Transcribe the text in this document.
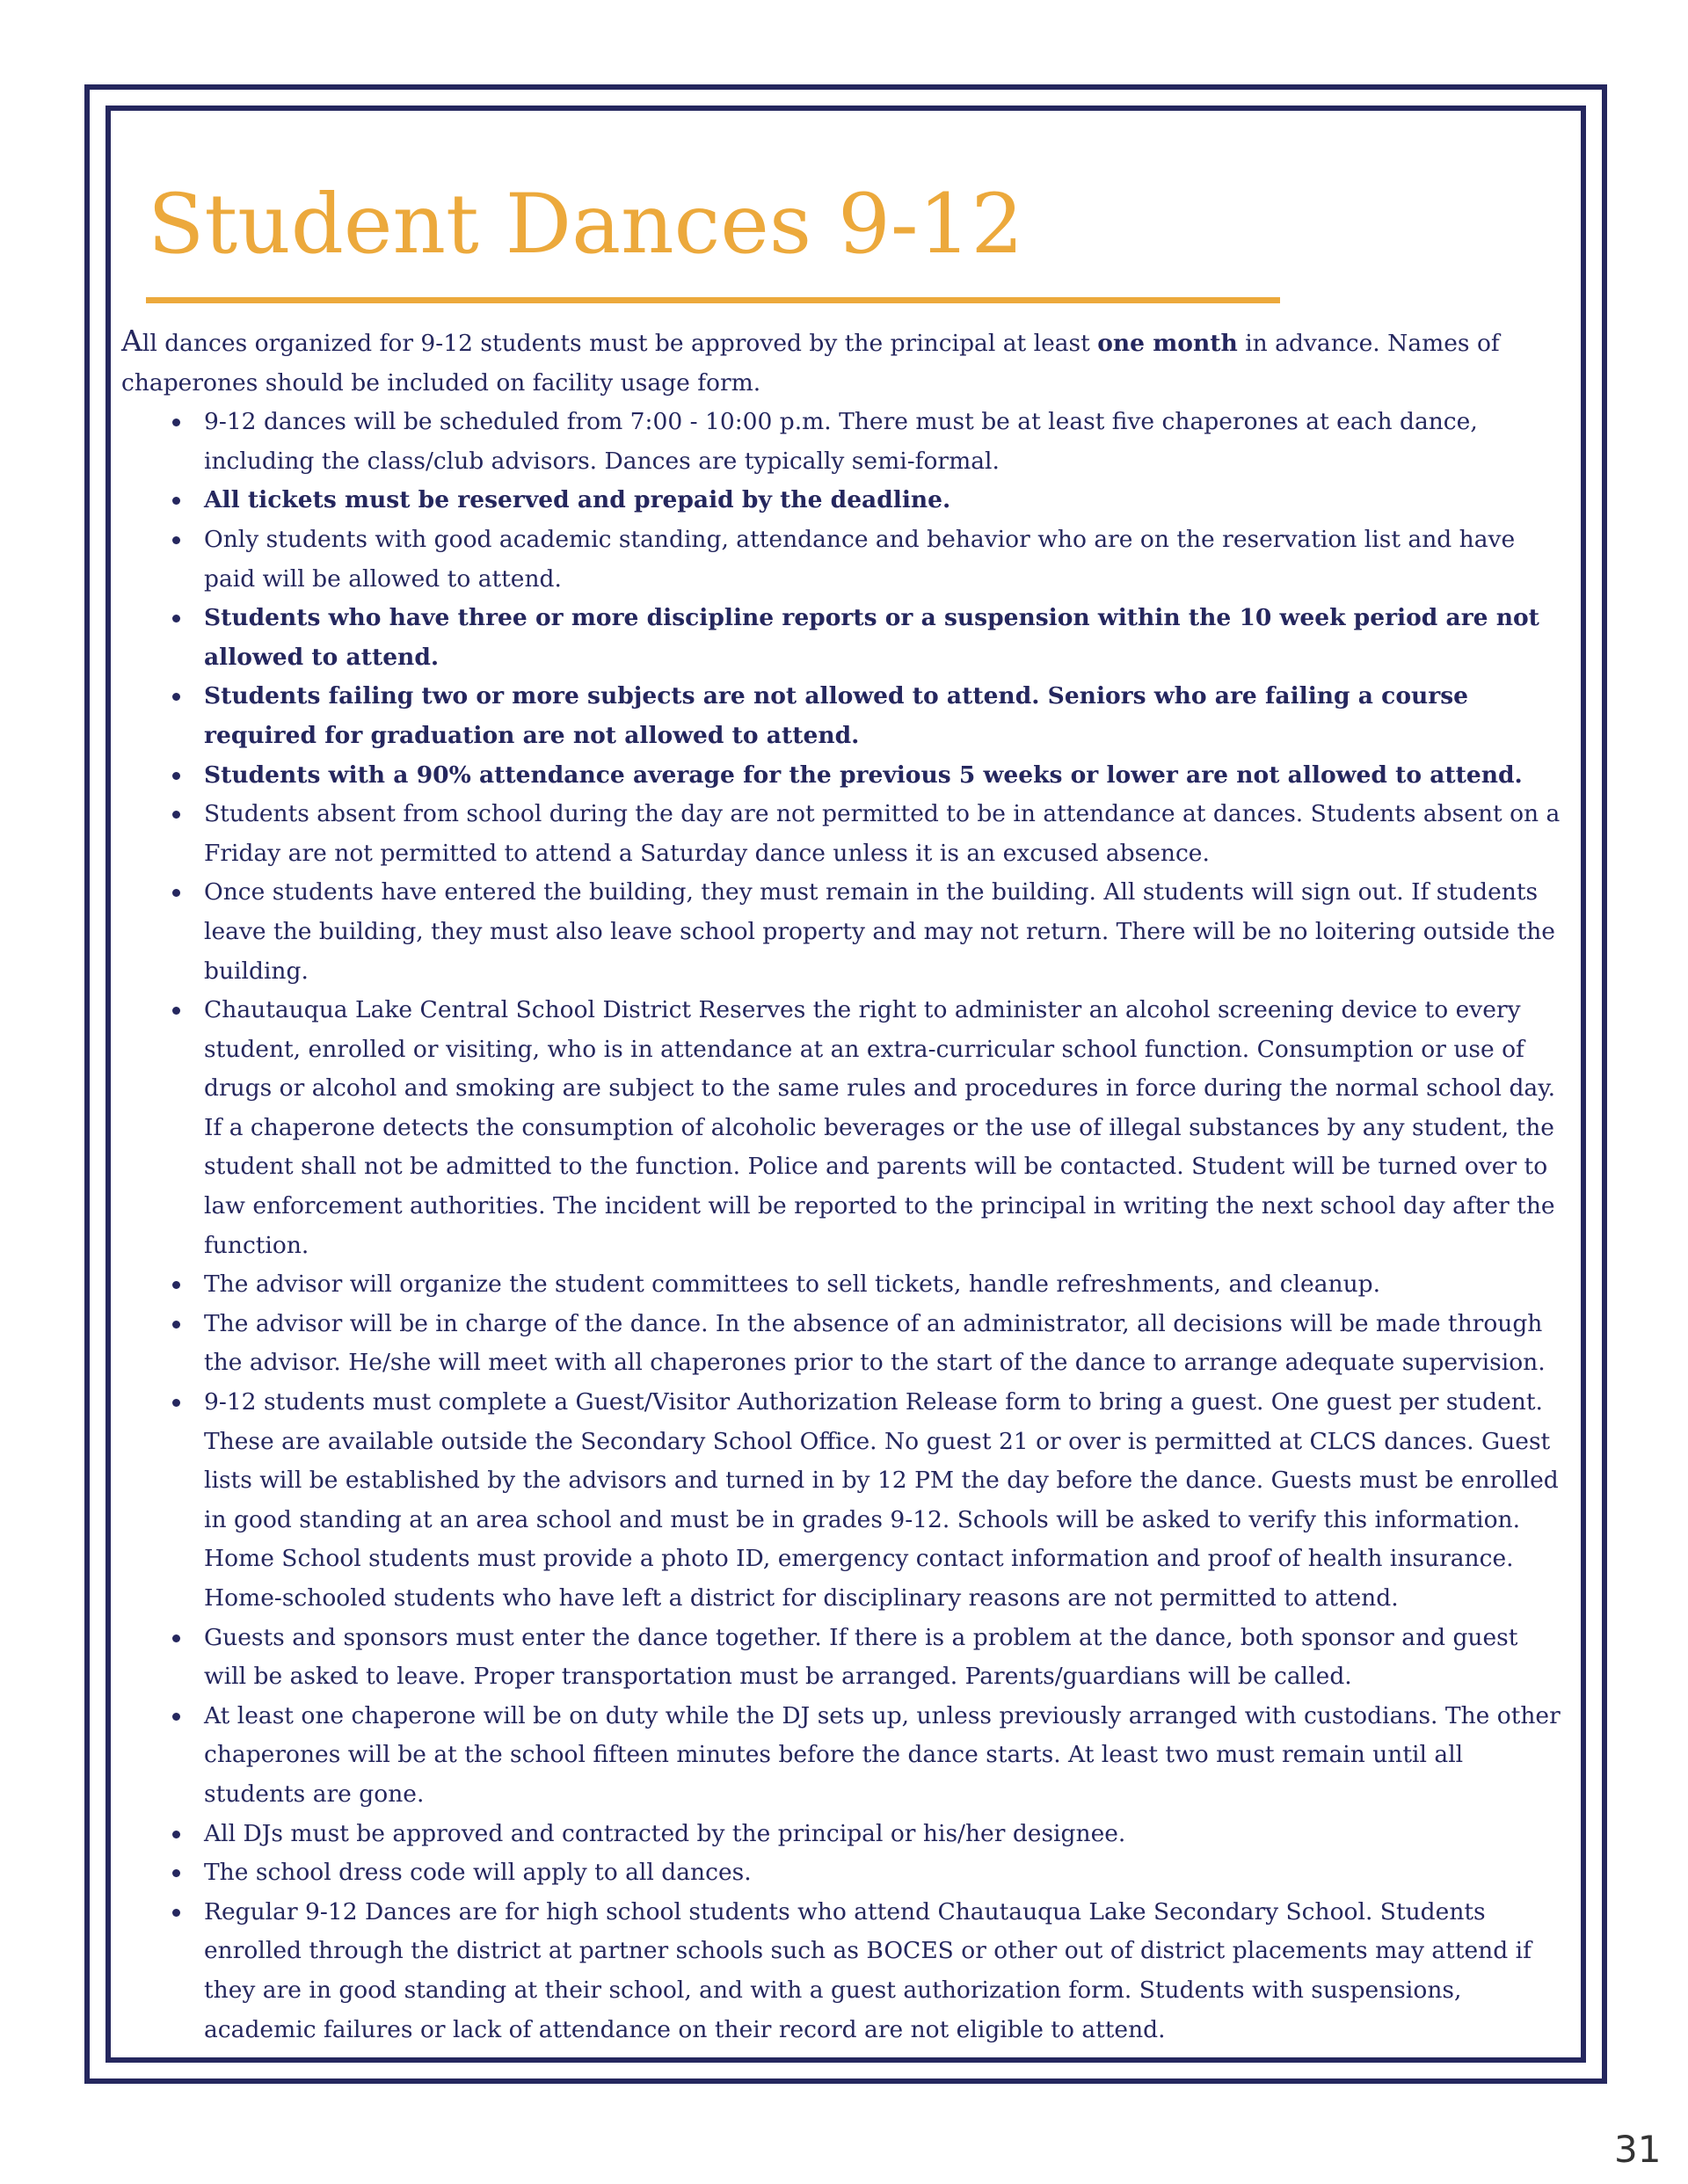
Student Dances 9-12

All dances organized for 9-12 students must be approved by the principal at least one month in advance. Names of chaperones should be included on facility usage form.

9-12 dances will be scheduled from 7:00 - 10:00 p.m. There must be at least five chaperones at each dance, including the class/club advisors. Dances are typically semi-formal.
All tickets must be reserved and prepaid by the deadline.
Only students with good academic standing, attendance and behavior who are on the reservation list and have paid will be allowed to attend.
Students who have three or more discipline reports or a suspension within the 10 week period are not allowed to attend.
Students failing two or more subjects are not allowed to attend. Seniors who are failing a course required for graduation are not allowed to attend.
Students with a 90% attendance average for the previous 5 weeks or lower are not allowed to attend.
Students absent from school during the day are not permitted to be in attendance at dances. Students absent on a Friday are not permitted to attend a Saturday dance unless it is an excused absence.
Once students have entered the building, they must remain in the building. All students will sign out. If students leave the building, they must also leave school property and may not return. There will be no loitering outside the building.
Chautauqua Lake Central School District Reserves the right to administer an alcohol screening device to every student, enrolled or visiting, who is in attendance at an extra-curricular school function. Consumption or use of drugs or alcohol and smoking are subject to the same rules and procedures in force during the normal school day. If a chaperone detects the consumption of alcoholic beverages or the use of illegal substances by any student, the student shall not be admitted to the function. Police and parents will be contacted. Student will be turned over to law enforcement authorities. The incident will be reported to the principal in writing the next school day after the function.
The advisor will organize the student committees to sell tickets, handle refreshments, and cleanup.
The advisor will be in charge of the dance. In the absence of an administrator, all decisions will be made through the advisor. He/she will meet with all chaperones prior to the start of the dance to arrange adequate supervision.
9-12 students must complete a Guest/Visitor Authorization Release form to bring a guest. One guest per student. These are available outside the Secondary School Office. No guest 21 or over is permitted at CLCS dances. Guest lists will be established by the advisors and turned in by 12 PM the day before the dance. Guests must be enrolled in good standing at an area school and must be in grades 9-12. Schools will be asked to verify this information. Home School students must provide a photo ID, emergency contact information and proof of health insurance. Home-schooled students who have left a district for disciplinary reasons are not permitted to attend.
Guests and sponsors must enter the dance together. If there is a problem at the dance, both sponsor and guest will be asked to leave. Proper transportation must be arranged. Parents/guardians will be called.
At least one chaperone will be on duty while the DJ sets up, unless previously arranged with custodians. The other chaperones will be at the school fifteen minutes before the dance starts. At least two must remain until all students are gone.
All DJs must be approved and contracted by the principal or his/her designee.
The school dress code will apply to all dances.
Regular 9-12 Dances are for high school students who attend Chautauqua Lake Secondary School. Students enrolled through the district at partner schools such as BOCES or other out of district placements may attend if they are in good standing at their school, and with a guest authorization form. Students with suspensions, academic failures or lack of attendance on their record are not eligible to attend.
31
